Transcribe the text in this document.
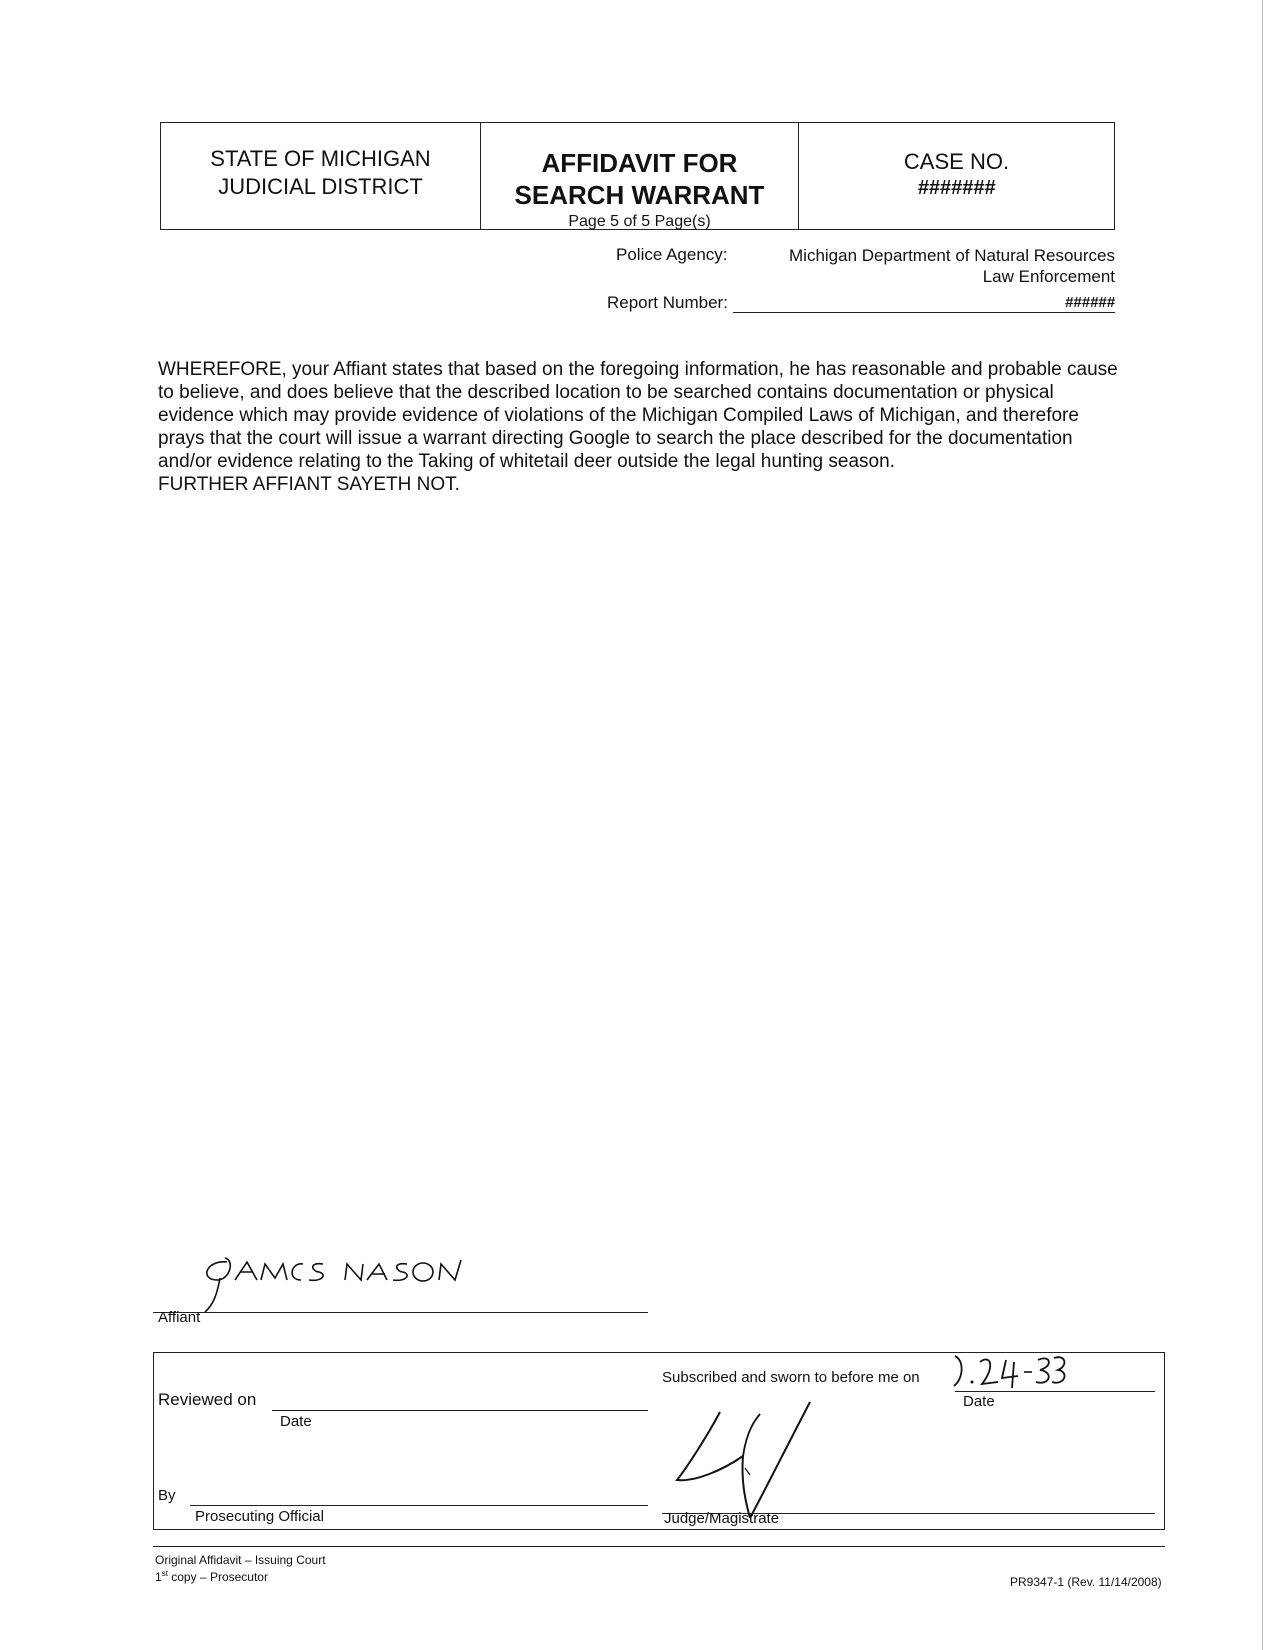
STATE OF MICHIGAN
JUDICIAL DISTRICT
AFFIDAVIT FOR
SEARCH WARRANT
Page 5 of 5 Page(s)
CASE NO.
#######
Police Agency:	Michigan Department of Natural Resources
Law Enforcement
Report Number:	######

WHEREFORE, your Affiant states that based on the foregoing information, he has reasonable and probable cause to believe, and does believe that the described location to be searched contains documentation or physical evidence which may provide evidence of violations of the Michigan Compiled Laws of Michigan, and therefore prays that the court will issue a warrant directing Google to search the place described for the documentation and/or evidence relating to the Taking of whitetail deer outside the legal hunting season.

FURTHER AFFIANT SAYETH NOT.

JAMES NASON
Affiant
Reviewed on
Date
By
Prosecuting Official
Subscribed and sworn to before me on
2-24-23
Date
Judge/Magistrate
Original Affidavit – Issuing Court
1st copy – Prosecutor	PR9347-1 (Rev. 11/14/2008)
